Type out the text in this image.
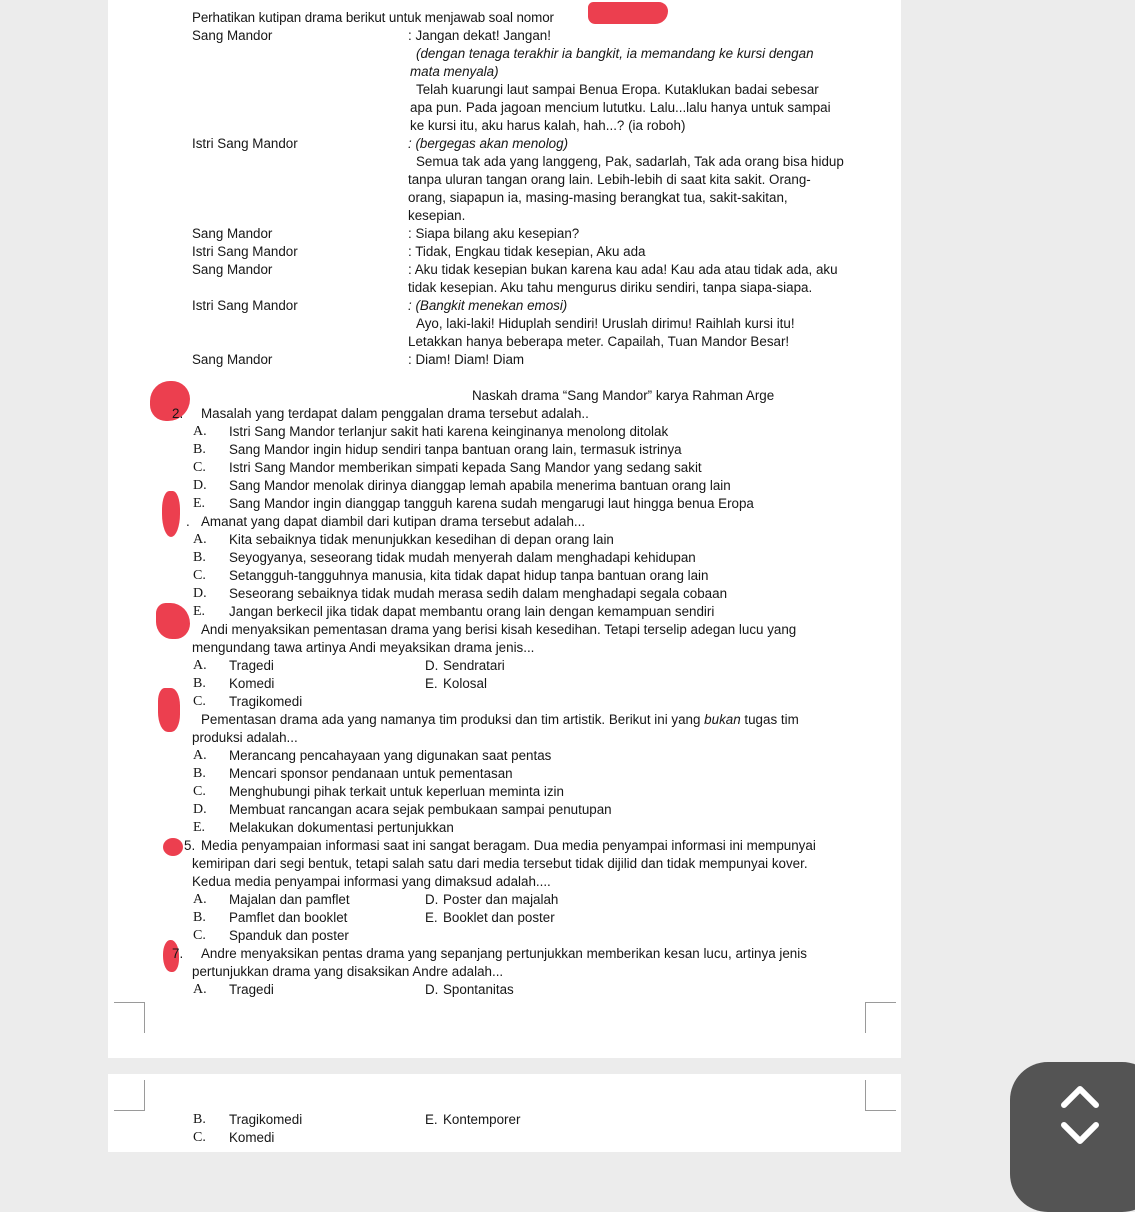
Perhatikan kutipan drama berikut untuk menjawab soal nomor
Sang Mandor	: Jangan dekat! Jangan!
(dengan tenaga terakhir ia bangkit, ia memandang ke kursi dengan
mata menyala)
Telah kuarungi laut sampai Benua Eropa. Kutaklukan badai sebesar
apa pun. Pada jagoan mencium lututku. Lalu...lalu hanya untuk sampai
ke kursi itu, aku harus kalah, hah...? (ia roboh)
Istri Sang Mandor	: (bergegas akan menolog)
Semua tak ada yang langgeng, Pak, sadarlah, Tak ada orang bisa hidup
tanpa uluran tangan orang lain. Lebih-lebih di saat kita sakit. Orang-
orang, siapapun ia, masing-masing berangkat tua, sakit-sakitan,
kesepian.
Sang Mandor	: Siapa bilang aku kesepian?
Istri Sang Mandor	: Tidak, Engkau tidak kesepian, Aku ada
Sang Mandor	: Aku tidak kesepian bukan karena kau ada! Kau ada atau tidak ada, aku
tidak kesepian. Aku tahu mengurus diriku sendiri, tanpa siapa-siapa.
Istri Sang Mandor	: (Bangkit menekan emosi)
Ayo, laki-laki! Hiduplah sendiri! Uruslah dirimu! Raihlah kursi itu!
Letakkan hanya beberapa meter. Capailah, Tuan Mandor Besar!
Sang Mandor	: Diam! Diam! Diam
Naskah drama “Sang Mandor” karya Rahman Arge
2. Masalah yang terdapat dalam penggalan drama tersebut adalah..
A. Istri Sang Mandor terlanjur sakit hati karena keinginanya menolong ditolak
B. Sang Mandor ingin hidup sendiri tanpa bantuan orang lain, termasuk istrinya
C. Istri Sang Mandor memberikan simpati kepada Sang Mandor yang sedang sakit
D. Sang Mandor menolak dirinya dianggap lemah apabila menerima bantuan orang lain
E. Sang Mandor ingin dianggap tangguh karena sudah mengarugi laut hingga benua Eropa
. Amanat yang dapat diambil dari kutipan drama tersebut adalah...
A. Kita sebaiknya tidak menunjukkan kesedihan di depan orang lain
B. Seyogyanya, seseorang tidak mudah menyerah dalam menghadapi kehidupan
C. Setangguh-tangguhnya manusia, kita tidak dapat hidup tanpa bantuan orang lain
D. Seseorang sebaiknya tidak mudah merasa sedih dalam menghadapi segala cobaan
E. Jangan berkecil jika tidak dapat membantu orang lain dengan kemampuan sendiri
Andi menyaksikan pementasan drama yang berisi kisah kesedihan. Tetapi terselip adegan lucu yang
mengundang tawa artinya Andi meyaksikan drama jenis...
A. Tragedi	D. Sendratari
B. Komedi	E. Kolosal
C. Tragikomedi
Pementasan drama ada yang namanya tim produksi dan tim artistik. Berikut ini yang bukan tugas tim
produksi adalah...
A. Merancang pencahayaan yang digunakan saat pentas
B. Mencari sponsor pendanaan untuk pementasan
C. Menghubungi pihak terkait untuk keperluan meminta izin
D. Membuat rancangan acara sejak pembukaan sampai penutupan
E. Melakukan dokumentasi pertunjukkan
5. Media penyampaian informasi saat ini sangat beragam. Dua media penyampai informasi ini mempunyai
kemiripan dari segi bentuk, tetapi salah satu dari media tersebut tidak dijilid dan tidak mempunyai kover.
Kedua media penyampai informasi yang dimaksud adalah....
A. Majalan dan pamflet	D. Poster dan majalah
B. Pamflet dan booklet	E. Booklet dan poster
C. Spanduk dan poster
7. Andre menyaksikan pentas drama yang sepanjang pertunjukkan memberikan kesan lucu, artinya jenis
pertunjukkan drama yang disaksikan Andre adalah...
A. Tragedi	D. Spontanitas
B. Tragikomedi	E. Kontemporer
C. Komedi
